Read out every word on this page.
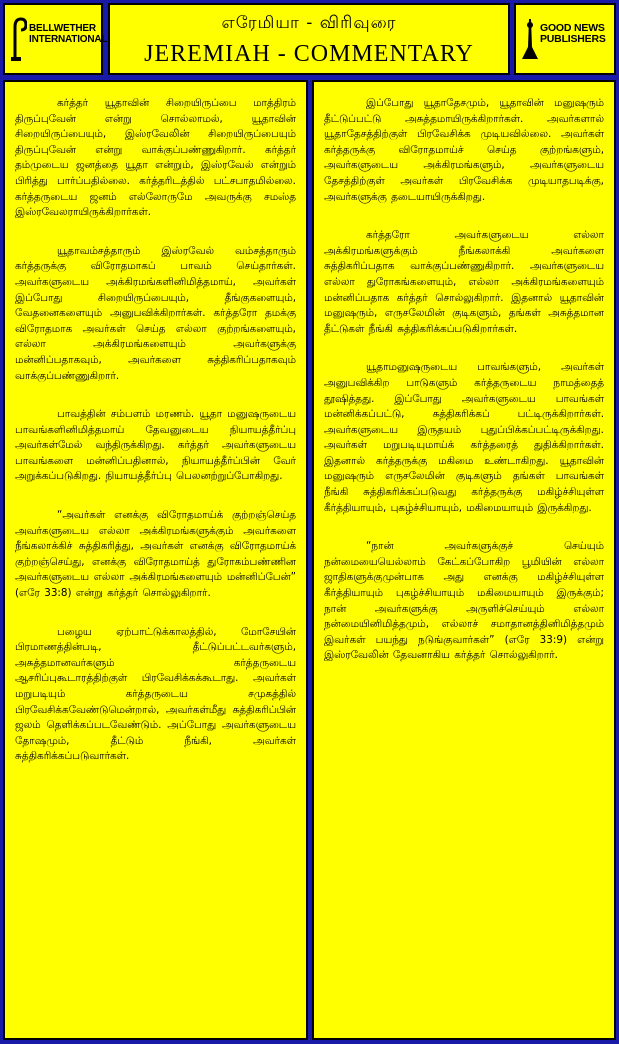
BELLWETHER
INTERNATIONAL
எரேமியா - விரிவுரை
JEREMIAH - COMMENTARY
GOOD NEWS
PUBLISHERS

கர்த்தர் யூதாவின் சிறையிருப்பை மாத்திரம் திருப்புவேன் என்று சொல்லாமல், யூதாவின் சிறையிருப்பையும், இஸ்ரவேலின் சிறையிருப்பையும் திருப்புவேன் என்று வாக்குப்பண்ணுகிறார். கர்த்தர் தம்முடைய ஜனத்தை யூதா என்றும், இஸ்ரவேல் என்றும் பிரித்து பார்ப்பதில்லை. கர்த்தரிடத்தில் பட்சபாதமில்லை. கர்த்தருடைய ஜனம் எல்லோருமே அவருக்கு சமஸ்த இஸ்ரவேலராயிருக்கிறார்கள்.

யூதாவம்சத்தாரும் இஸ்ரவேல் வம்சத்தாரும் கர்த்தருக்கு விரோதமாகப் பாவம் செய்தார்கள். அவர்களுடைய அக்கிரமங்களினிமித்தமாய், அவர்கள் இப்போது சிறையிருப்பையும், தீங்குகளையும், வேதனைகளையும் அனுபவிக்கிறார்கள். கர்த்தரோ தமக்கு விரோதமாக அவர்கள் செய்த எல்லா குற்றங்களையும், எல்லா அக்கிரமங்களையும் அவர்களுக்கு மன்னிப்பதாகவும், அவர்களை சுத்திகரிப்பதாகவும் வாக்குப்பண்ணுகிறார்.

பாவத்தின் சம்பளம் மரணம். யூதா மனுஷருடைய பாவங்களினிமித்தமாய் தேவனுடைய நியாயத்தீர்ப்பு அவர்கள்மேல் வந்திருக்கிறது. கர்த்தர் அவர்களுடைய பாவங்களை மன்னிப்பதினால், நியாயத்தீர்ப்பின் வேர் அறுக்கப்படுகிறது. நியாயத்தீர்ப்பு பெலனற்றுப்போகிறது.

“அவர்கள் எனக்கு விரோதமாய்க் குற்றஞ்செய்த அவர்களுடைய எல்லா அக்கிரமங்களுக்கும் அவர்களை நீங்கலாக்கிச் சுத்திகரித்து, அவர்கள் எனக்கு விரோதமாய்க் குற்றஞ்செய்து, எனக்கு விரோதமாய்த் துரோகம்பண்ணின அவர்களுடைய எல்லா அக்கிரமங்களையும் மன்னிப்பேன்” (எரே 33:8) என்று கர்த்தர் சொல்லுகிறார்.

பழைய ஏற்பாட்டுக்காலத்தில், மோசேயின் பிரமாணத்தின்படி, தீட்டுப்பட்டவர்களும், அசுத்தமானவர்களும் கர்த்தருடைய ஆசரிப்புகூடாரத்திற்குள் பிரவேசிக்கக்கூடாது. அவர்கள் மறுபடியும் கர்த்தருடைய சமுகத்தில் பிரவேசிக்கவேண்டுமென்றால், அவர்கள்மீது சுத்திகரிப்பின் ஜலம் தெளிக்கப்படவேண்டும். அப்போது அவர்களுடைய தோஷமும், தீட்டும் நீங்கி, அவர்கள் சுத்திகரிக்கப்படுவார்கள்.

இப்போது யூதாதேசமும், யூதாவின் மனுஷரும் தீட்டுப்பட்டு அசுத்தமாயிருக்கிறார்கள். அவர்களால் யூதாதேசத்திற்குள் பிரவேசிக்க முடியவில்லை. அவர்கள் கர்த்தருக்கு விரோதமாய்ச் செய்த குற்றங்களும், அவர்களுடைய அக்கிரமங்களும், அவர்களுடைய தேசத்திற்குள் அவர்கள் பிரவேசிக்க முடியாதபடிக்கு, அவர்களுக்கு தடையாயிருக்கிறது.

கர்த்தரோ அவர்களுடைய எல்லா அக்கிரமங்களுக்கும் நீங்கலாக்கி அவர்களை சுத்திகரிப்பதாக வாக்குப்பண்ணுகிறார். அவர்களுடைய எல்லா துரோகங்களையும், எல்லா அக்கிரமங்களையும் மன்னிப்பதாக கர்த்தர் சொல்லுகிறார். இதனால் யூதாவின் மனுஷரும், எருசலேமின் குடிகளும், தங்கள் அசுத்தமான தீட்டுகள் நீங்கி சுத்திகரிக்கப்படுகிறார்கள்.

யூதாமனுஷருடைய பாவங்களும், அவர்கள் அனுபவிக்கிற பாடுகளும் கர்த்தருடைய நாமத்தைத் தூஷித்தது. இப்போது அவர்களுடைய பாவங்கள் மன்னிக்கப்பட்டு, சுத்திகரிக்கப் பட்டிருக்கிறார்கள். அவர்களுடைய இருதயம் புதுப்பிக்கப்பட்டிருக்கிறது. அவர்கள் மறுபடியுமாய்க் கர்த்தரைத் துதிக்கிறார்கள். இதனால் கர்த்தருக்கு மகிமை உண்டாகிறது. யூதாவின் மனுஷரும் எருசலேமின் குடிகளும் தங்கள் பாவங்கள் நீங்கி சுத்திகரிக்கப்படுவது கர்த்தருக்கு மகிழ்ச்சியுள்ள கீர்த்தியாயும், புகழ்ச்சியாயும், மகிமையாயும் இருக்கிறது.

“நான் அவர்களுக்குச் செய்யும் நன்மையையெல்லாம் கேட்கப்போகிற பூமியின் எல்லா ஜாதிகளுக்குமுன்பாக அது எனக்கு மகிழ்ச்சியுள்ள கீர்த்தியாயும் புகழ்ச்சியாயும் மகிமையாயும் இருக்கும்; நான் அவர்களுக்கு அருளிச்செய்யும் எல்லா நன்மையினிமித்தமும், எல்லாச் சமாதானத்தினிமித்தமும் இவர்கள் பயந்து நடுங்குவார்கள்” (எரே 33:9) என்று இஸ்ரவேலின் தேவனாகிய கர்த்தர் சொல்லுகிறார்.
